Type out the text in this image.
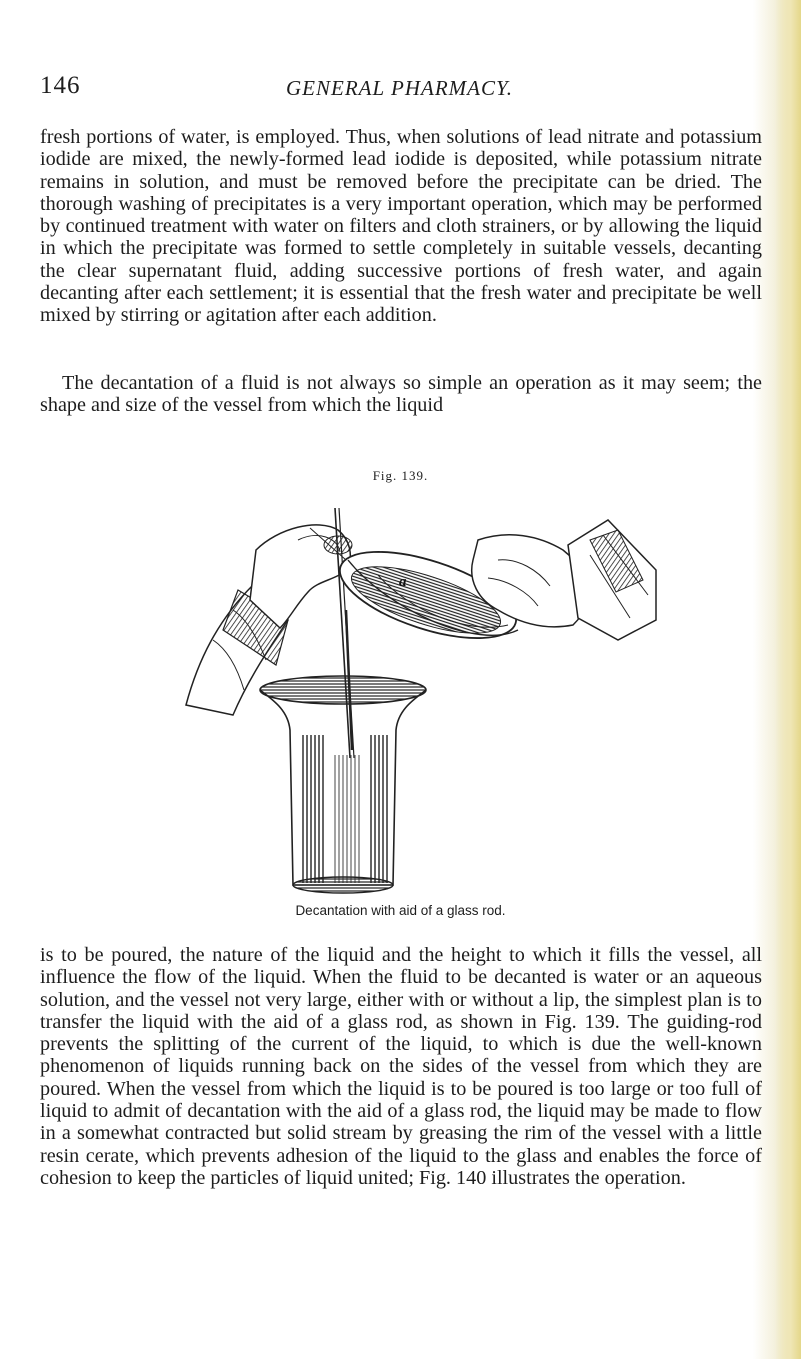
146	GENERAL PHARMACY.

fresh portions of water, is employed. Thus, when solutions of lead nitrate and potassium iodide are mixed, the newly-formed lead iodide is deposited, while potassium nitrate remains in solution, and must be removed before the precipitate can be dried. The thorough washing of precipitates is a very important operation, which may be performed by continued treatment with water on filters and cloth strainers, or by allowing the liquid in which the precipitate was formed to settle completely in suitable vessels, decanting the clear supernatant fluid, adding successive portions of fresh water, and again decanting after each settlement; it is essential that the fresh water and precipitate be well mixed by stirring or agitation after each addition.

The decantation of a fluid is not always so simple an operation as it may seem; the shape and size of the vessel from which the liquid

Fig. 139.
a
Decantation with aid of a glass rod.

is to be poured, the nature of the liquid and the height to which it fills the vessel, all influence the flow of the liquid. When the fluid to be decanted is water or an aqueous solution, and the vessel not very large, either with or without a lip, the simplest plan is to transfer the liquid with the aid of a glass rod, as shown in Fig. 139. The guiding-rod prevents the splitting of the current of the liquid, to which is due the well-known phenomenon of liquids running back on the sides of the vessel from which they are poured. When the vessel from which the liquid is to be poured is too large or too full of liquid to admit of decantation with the aid of a glass rod, the liquid may be made to flow in a somewhat contracted but solid stream by greasing the rim of the vessel with a little resin cerate, which prevents adhesion of the liquid to the glass and enables the force of cohesion to keep the particles of liquid united; Fig. 140 illustrates the operation.
